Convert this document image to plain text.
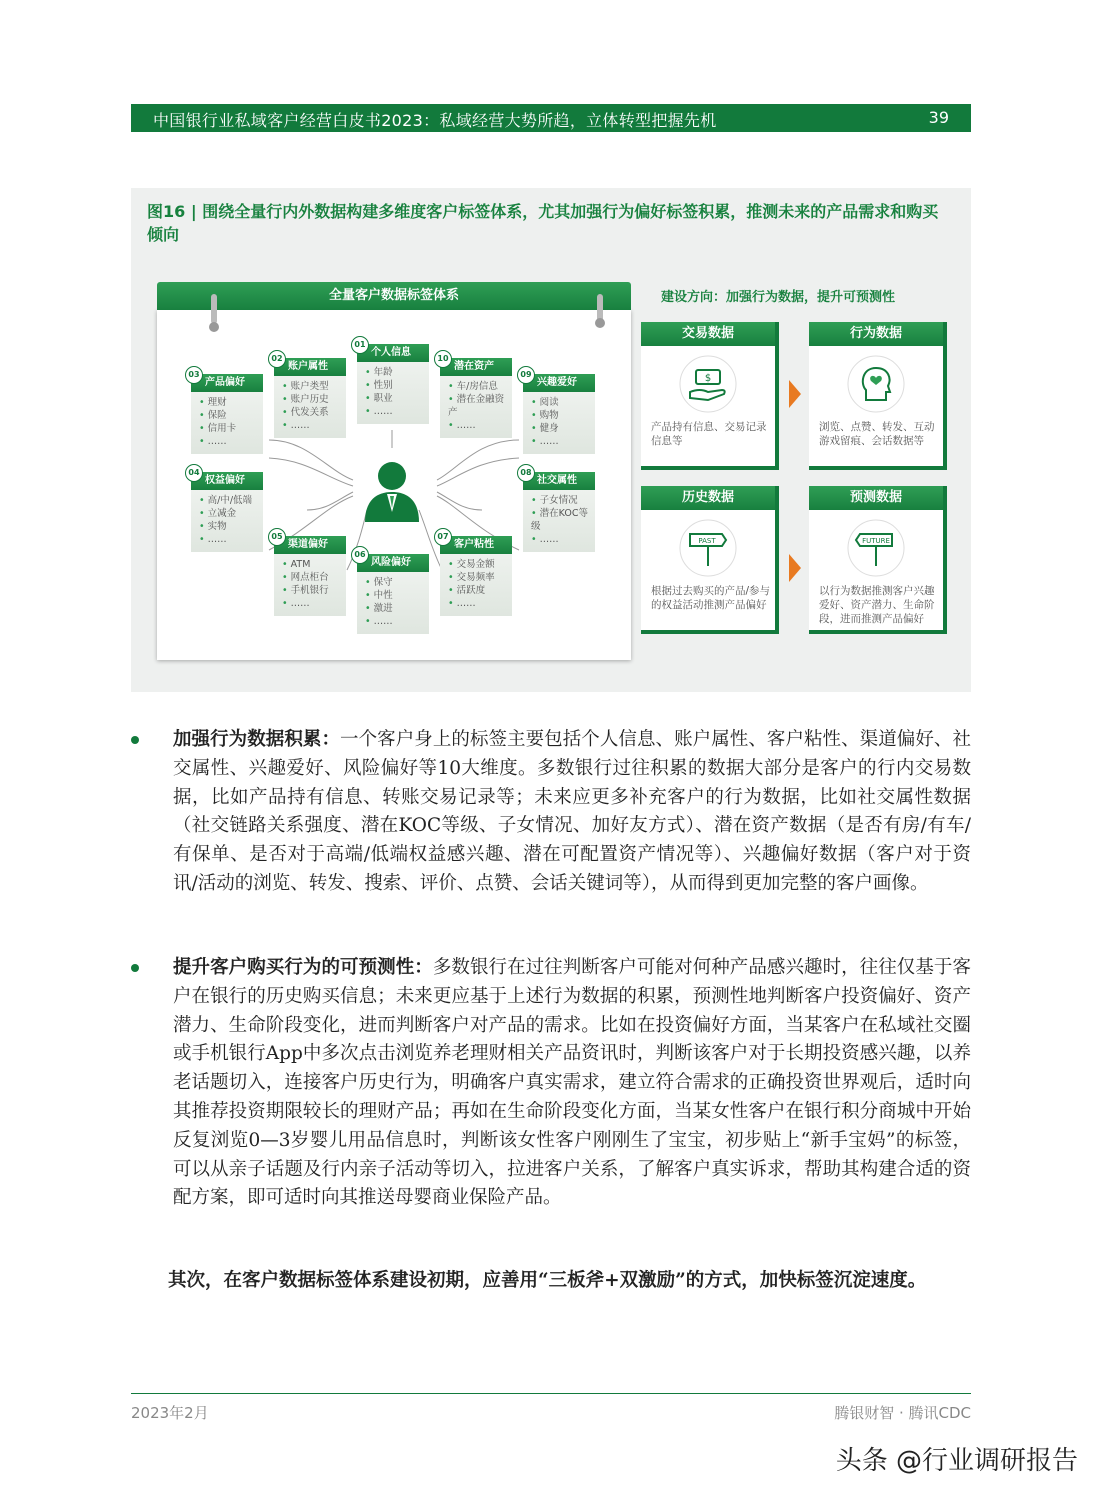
中国银行业私域客户经营白皮书2023：私域经营大势所趋，立体转型把握先机	39
图16 | 围绕全量行内外数据构建多维度客户标签体系，尤其加强行为偏好标签积累，推测未来的产品需求和购买倾向
全量客户数据标签体系
01
个人信息
• 年龄
• 性别
• 职业
• ……
02
账户属性
• 账户类型
• 账户历史
• 代发关系
• ……
03
产品偏好
• 理财
• 保险
• 信用卡
• ……
04
权益偏好
• 高/中/低端
• 立减金
• 实物
• ……	05
渠道偏好
• ATM
• 网点柜台
• 手机银行
• ……
06
风险偏好
• 保守
• 中性
• 激进
• ……
07
客户粘性
• 交易金额
• 交易频率
• 活跃度
• ……
08
社交属性
• 子女情况
• 潜在KOC等级
• ……
09
兴趣爱好
• 阅读
• 购物
• 健身
• ……
10
潜在资产
• 车/房信息
• 潜在金融资产
• ……
建设方向：加强行为数据，提升可预测性
交易数据
$
产品持有信息、交易记录信息等
行为数据
浏览、点赞、转发、互动游戏留痕、会话数据等
历史数据
PAST
根据过去购买的产品/参与的权益活动推测产品偏好
预测数据
FUTURE
以行为数据推测客户兴趣爱好、资产潜力、生命阶段，进而推测产品偏好
加强行为数据积累：一个客户身上的标签主要包括个人信息、账户属性、客户粘性、渠道偏好、社交属性、兴趣爱好、风险偏好等10大维度。多数银行过往积累的数据大部分是客户的行内交易数据，比如产品持有信息、转账交易记录等；未来应更多补充客户的行为数据，比如社交属性数据（社交链路关系强度、潜在KOC等级、子女情况、加好友方式）、潜在资产数据（是否有房/有车/有保单、是否对于高端/低端权益感兴趣、潜在可配置资产情况等）、兴趣偏好数据（客户对于资讯/活动的浏览、转发、搜索、评价、点赞、会话关键词等），从而得到更加完整的客户画像。
提升客户购买行为的可预测性：多数银行在过往判断客户可能对何种产品感兴趣时，往往仅基于客户在银行的历史购买信息；未来更应基于上述行为数据的积累，预测性地判断客户投资偏好、资产潜力、生命阶段变化，进而判断客户对产品的需求。比如在投资偏好方面，当某客户在私域社交圈或手机银行App中多次点击浏览养老理财相关产品资讯时，判断该客户对于长期投资感兴趣，以养老话题切入，连接客户历史行为，明确客户真实需求，建立符合需求的正确投资世界观后，适时向其推荐投资期限较长的理财产品；再如在生命阶段变化方面，当某女性客户在银行积分商城中开始反复浏览0—3岁婴儿用品信息时，判断该女性客户刚刚生了宝宝，初步贴上“新手宝妈”的标签，可以从亲子话题及行内亲子活动等切入，拉进客户关系，了解客户真实诉求，帮助其构建合适的资配方案，即可适时向其推送母婴商业保险产品。
其次，在客户数据标签体系建设初期，应善用“三板斧+双激励”的方式，加快标签沉淀速度。
2023年2月	腾银财智 · 腾讯CDC
头条 @行业调研报告
